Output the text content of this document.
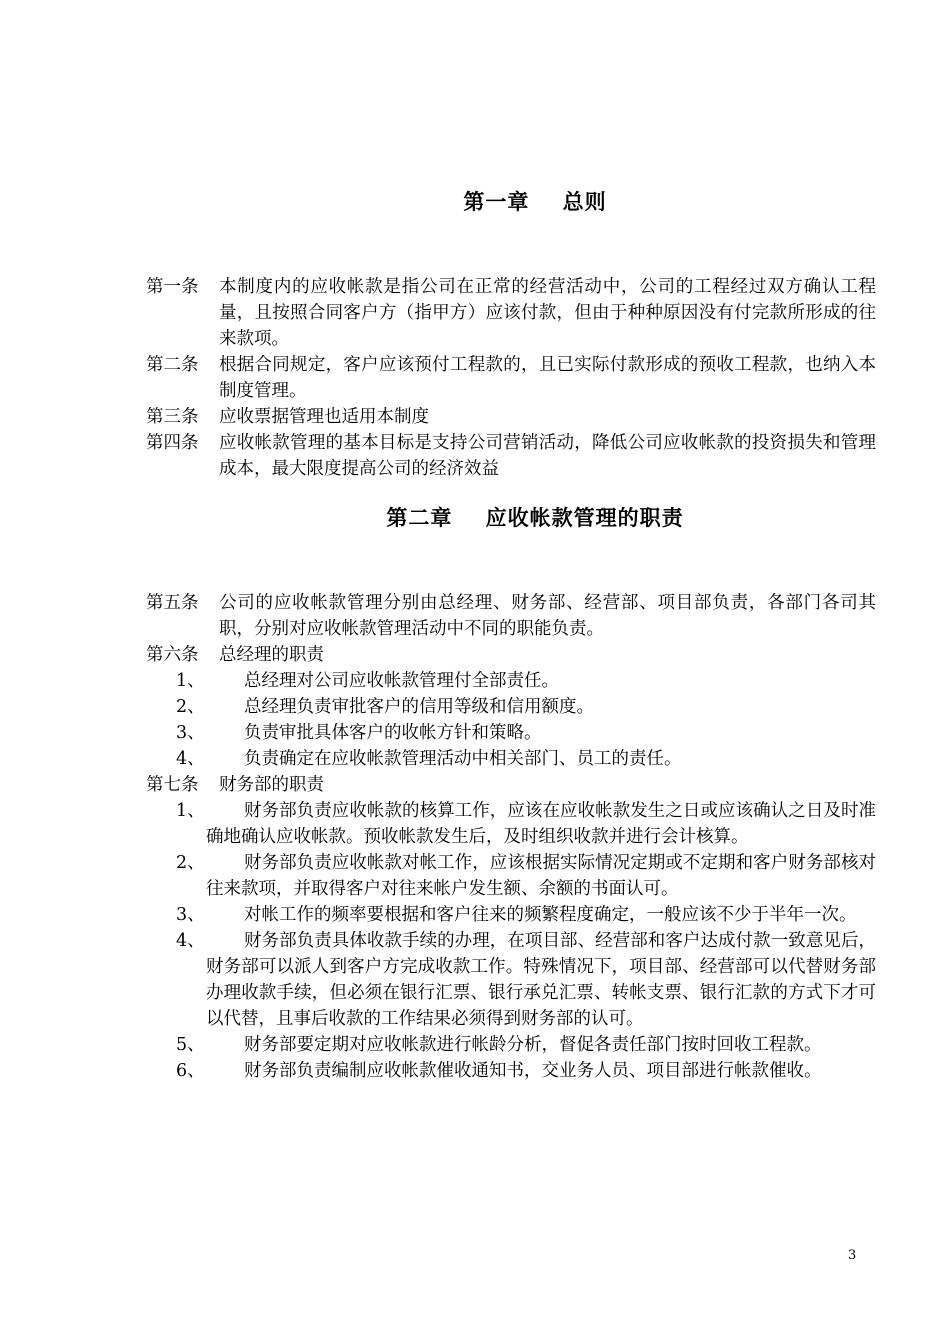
第一章    总则
第一条	本制度内的应收帐款是指公司在正常的经营活动中，公司的工程经过双方确认工程量，且按照合同客户方（指甲方）应该付款，但由于种种原因没有付完款所形成的往来款项。
第二条	根据合同规定，客户应该预付工程款的，且已实际付款形成的预收工程款，也纳入本制度管理。
第三条	应收票据管理也适用本制度
第四条	应收帐款管理的基本目标是支持公司营销活动，降低公司应收帐款的投资损失和管理成本，最大限度提高公司的经济效益
第二章    应收帐款管理的职责
第五条	公司的应收帐款管理分别由总经理、财务部、经营部、项目部负责，各部门各司其职，分别对应收帐款管理活动中不同的职能负责。
第六条	总经理的职责
1、	总经理对公司应收帐款管理付全部责任。
2、	总经理负责审批客户的信用等级和信用额度。
3、	负责审批具体客户的收帐方针和策略。
4、	负责确定在应收帐款管理活动中相关部门、员工的责任。
第七条	财务部的职责
1、	财务部负责应收帐款的核算工作，应该在应收帐款发生之日或应该确认之日及时准确地确认应收帐款。预收帐款发生后，及时组织收款并进行会计核算。
2、	财务部负责应收帐款对帐工作，应该根据实际情况定期或不定期和客户财务部核对往来款项，并取得客户对往来帐户发生额、余额的书面认可。
3、	对帐工作的频率要根据和客户往来的频繁程度确定，一般应该不少于半年一次。
4、	财务部负责具体收款手续的办理，在项目部、经营部和客户达成付款一致意见后，财务部可以派人到客户方完成收款工作。特殊情况下，项目部、经营部可以代替财务部办理收款手续，但必须在银行汇票、银行承兑汇票、转帐支票、银行汇款的方式下才可以代替，且事后收款的工作结果必须得到财务部的认可。
5、	财务部要定期对应收帐款进行帐龄分析，督促各责任部门按时回收工程款。
6、	财务部负责编制应收帐款催收通知书，交业务人员、项目部进行帐款催收。
3
